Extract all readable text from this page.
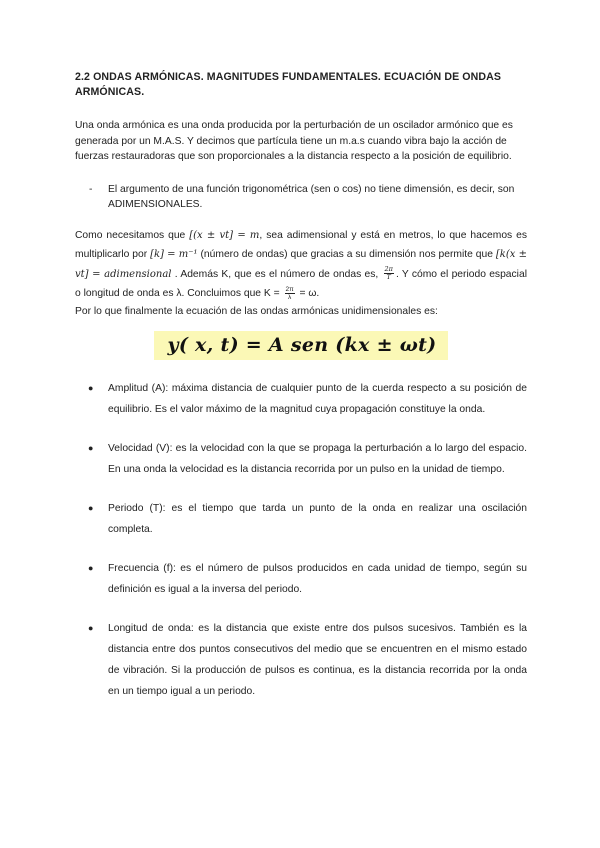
2.2 ONDAS ARMÓNICAS. MAGNITUDES FUNDAMENTALES. ECUACIÓN DE ONDAS ARMÓNICAS.

Una onda armónica es una onda producida por la perturbación de un oscilador armónico que es generada por un M.A.S. Y decimos que partícula tiene un m.a.s cuando vibra bajo la acción de fuerzas restauradoras que son proporcionales a la distancia respecto a la posición de equilibrio.

-	El argumento de una función trigonométrica (sen o cos) no tiene dimensión, es decir, son ADIMENSIONALES.

Como necesitamos que [(x ± vt] = m, sea adimensional y está en metros, lo que hacemos es multiplicarlo por [k] = m⁻¹ (número de ondas) que gracias a su dimensión nos permite que [k(x ± vt] = adimensional . Además K, que es el número de ondas es, $\frac{2\pi}{T}$ . Y cómo el periodo espacial o longitud de onda es λ. Concluimos que $K = \frac{2\pi}{\lambda} = \omega$.

Por lo que finalmente la ecuación de las ondas armónicas unidimensionales es:

y( x, t) = A sen (kx ± ωt)
●	Amplitud (A): máxima distancia de cualquier punto de la cuerda respecto a su posición de equilibrio. Es el valor máximo de la magnitud cuya propagación constituye la onda.
●	Velocidad (V): es la velocidad con la que se propaga la perturbación a lo largo del espacio. En una onda la velocidad es la distancia recorrida por un pulso en la unidad de tiempo.
●	Periodo (T): es el tiempo que tarda un punto de la onda en realizar una oscilación completa.
●	Frecuencia (f): es el número de pulsos producidos en cada unidad de tiempo, según su definición es igual a la inversa del periodo.
●	Longitud de onda: es la distancia que existe entre dos pulsos sucesivos. También es la distancia entre dos puntos consecutivos del medio que se encuentren en el mismo estado de vibración. Si la producción de pulsos es continua, es la distancia recorrida por la onda en un tiempo igual a un periodo.
